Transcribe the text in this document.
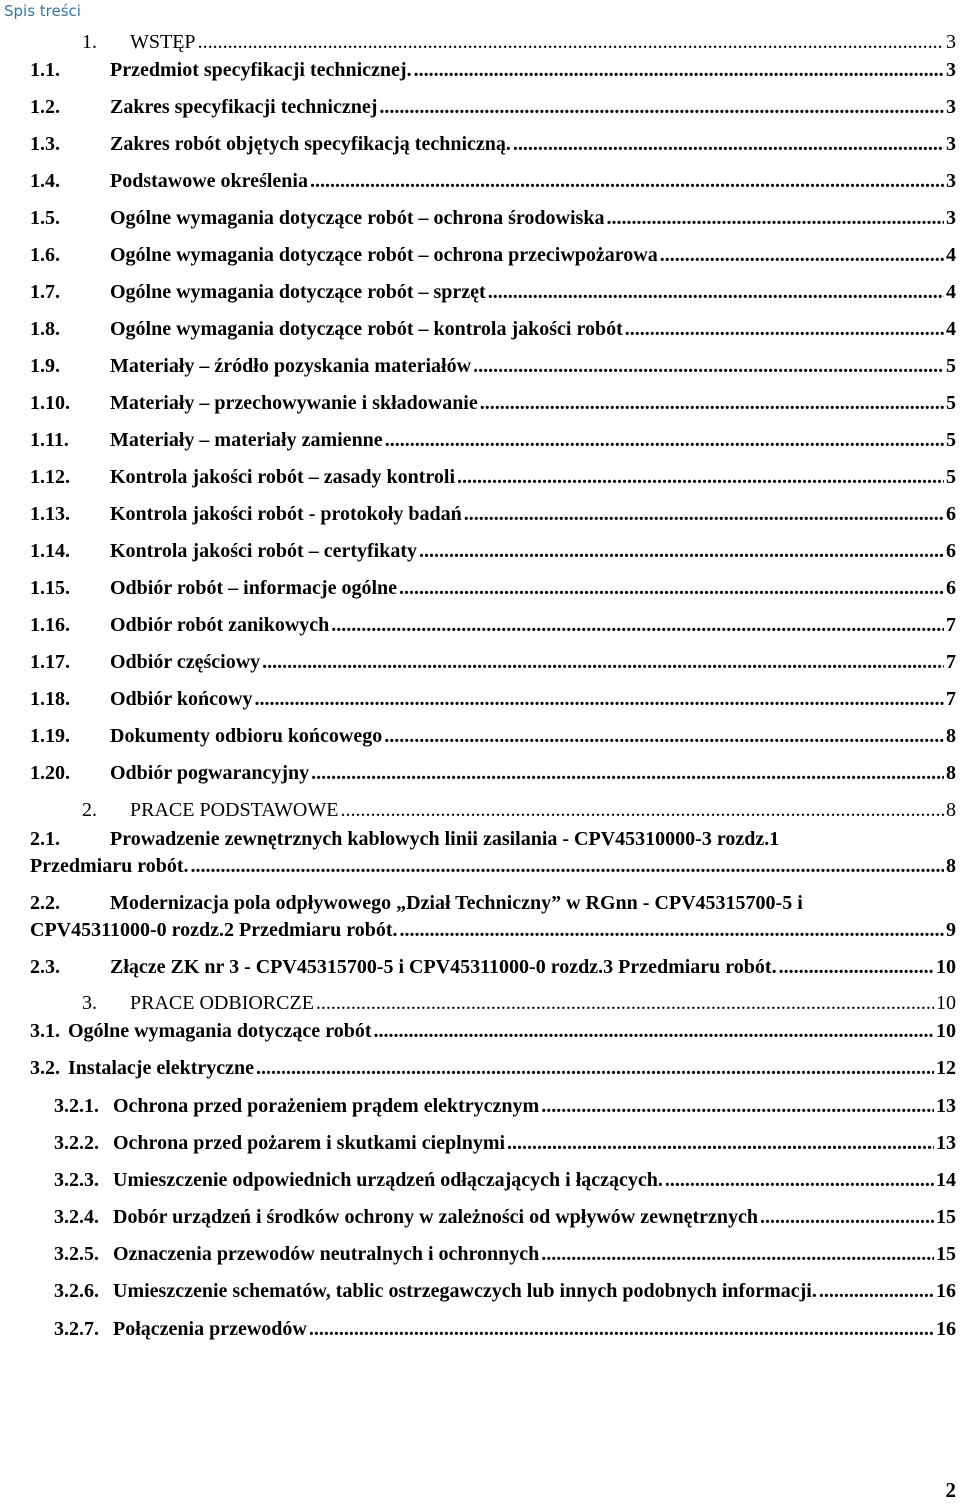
Spis treści
1. WSTĘP .....	3
1.1.	Przedmiot specyfikacji technicznej. .....	3
1.2.	Zakres specyfikacji technicznej .....	3
1.3.	Zakres robót objętych specyfikacją techniczną. .....	3
1.4.	Podstawowe określenia .....	3
1.5.	Ogólne wymagania dotyczące robót – ochrona środowiska .....	3
1.6.	Ogólne wymagania dotyczące robót – ochrona przeciwpożarowa .....	4
1.7.	Ogólne wymagania dotyczące robót – sprzęt .....	4
1.8.	Ogólne wymagania dotyczące robót – kontrola jakości robót .....	4
1.9.	Materiały – źródło pozyskania materiałów .....	5
1.10. Materiały – przechowywanie i składowanie .....	5
1.11. Materiały – materiały zamienne .....	5
1.12. Kontrola jakości robót – zasady kontroli .....	5
1.13. Kontrola jakości robót - protokoły badań .....	6
1.14. Kontrola jakości robót – certyfikaty .....	6
1.15. Odbiór robót – informacje ogólne .....	6
1.16. Odbiór robót zanikowych .....	7
1.17. Odbiór częściowy .....	7
1.18. Odbiór końcowy .....	7
1.19. Dokumenty odbioru końcowego .....	8
1.20. Odbiór pogwarancyjny .....	8
2. PRACE PODSTAWOWE .....	8
2.1.	Prowadzenie zewnętrznych kablowych linii zasilania - CPV45310000-3 rozdz.1
Przedmiaru robót. .....	8
2.2.	Modernizacja pola odpływowego „Dział Techniczny” w RGnn - CPV45315700-5 i
CPV45311000-0 rozdz.2 Przedmiaru robót. .....	9
2.3.	Złącze ZK nr 3 - CPV45315700-5 i CPV45311000-0 rozdz.3 Przedmiaru robót. .....	10
3. PRACE ODBIORCZE .....	10
3.1. Ogólne wymagania dotyczące robót .....	10
3.2. Instalacje elektryczne .....	12
3.2.1. Ochrona przed porażeniem prądem elektrycznym .....	13
3.2.2. Ochrona przed pożarem i skutkami cieplnymi .....	13
3.2.3. Umieszczenie odpowiednich urządzeń odłączających i łączących. .....	14
3.2.4. Dobór urządzeń i środków ochrony w zależności od wpływów zewnętrznych .....	15
3.2.5. Oznaczenia przewodów neutralnych i ochronnych .....	15
3.2.6. Umieszczenie schematów, tablic ostrzegawczych lub innych podobnych informacji. .....	16
3.2.7. Połączenia przewodów .....	16
2
